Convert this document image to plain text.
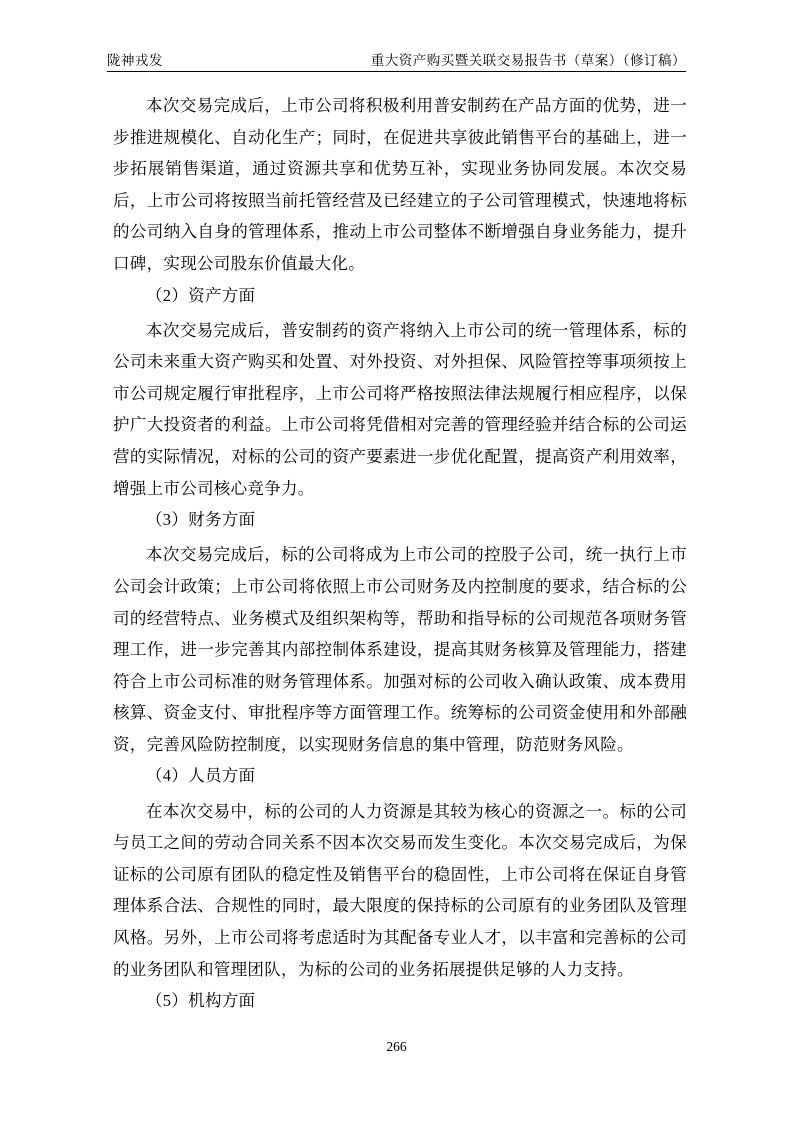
陇神戎发	重大资产购买暨关联交易报告书（草案）（修订稿）

本次交易完成后，上市公司将积极利用普安制药在产品方面的优势，进一步推进规模化、自动化生产；同时，在促进共享彼此销售平台的基础上，进一步拓展销售渠道，通过资源共享和优势互补，实现业务协同发展。本次交易后，上市公司将按照当前托管经营及已经建立的子公司管理模式，快速地将标的公司纳入自身的管理体系，推动上市公司整体不断增强自身业务能力，提升口碑，实现公司股东价值最大化。

（2）资产方面

本次交易完成后，普安制药的资产将纳入上市公司的统一管理体系，标的公司未来重大资产购买和处置、对外投资、对外担保、风险管控等事项须按上市公司规定履行审批程序，上市公司将严格按照法律法规履行相应程序，以保护广大投资者的利益。上市公司将凭借相对完善的管理经验并结合标的公司运营的实际情况，对标的公司的资产要素进一步优化配置，提高资产利用效率，增强上市公司核心竞争力。

（3）财务方面

本次交易完成后，标的公司将成为上市公司的控股子公司，统一执行上市公司会计政策；上市公司将依照上市公司财务及内控制度的要求，结合标的公司的经营特点、业务模式及组织架构等，帮助和指导标的公司规范各项财务管理工作，进一步完善其内部控制体系建设，提高其财务核算及管理能力，搭建符合上市公司标准的财务管理体系。加强对标的公司收入确认政策、成本费用核算、资金支付、审批程序等方面管理工作。统筹标的公司资金使用和外部融资，完善风险防控制度，以实现财务信息的集中管理，防范财务风险。

（4）人员方面

在本次交易中，标的公司的人力资源是其较为核心的资源之一。标的公司与员工之间的劳动合同关系不因本次交易而发生变化。本次交易完成后，为保证标的公司原有团队的稳定性及销售平台的稳固性，上市公司将在保证自身管理体系合法、合规性的同时，最大限度的保持标的公司原有的业务团队及管理风格。另外，上市公司将考虑适时为其配备专业人才，以丰富和完善标的公司的业务团队和管理团队，为标的公司的业务拓展提供足够的人力支持。

（5）机构方面

266
